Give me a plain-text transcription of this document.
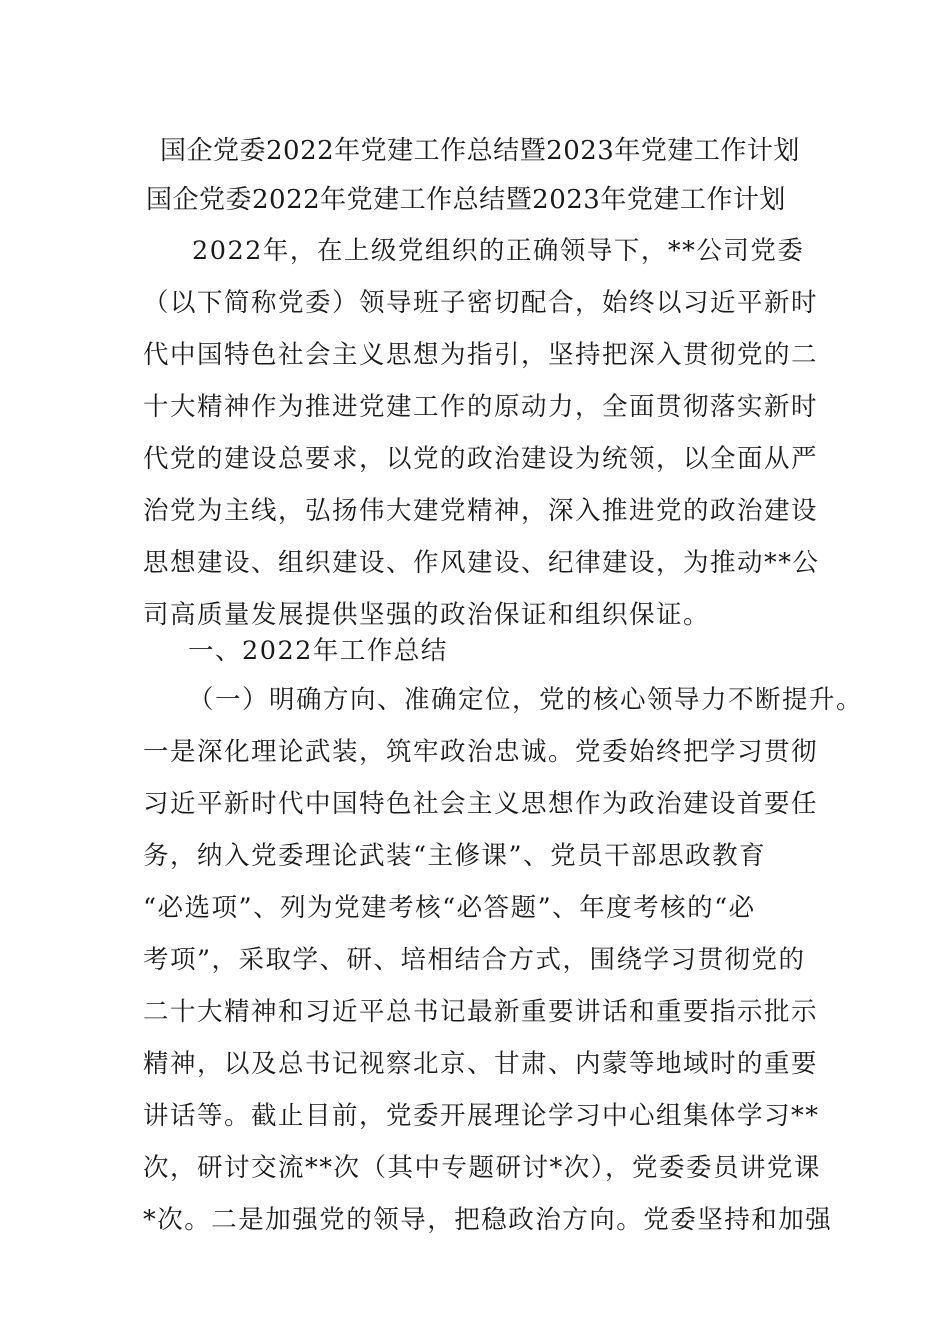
国企党委2022年党建工作总结暨2023年党建工作计划
国企党委2022年党建工作总结暨2023年党建工作计划
2022年，在上级党组织的正确领导下，**公司党委
（以下简称党委）领导班子密切配合，始终以习近平新时
代中国特色社会主义思想为指引，坚持把深入贯彻党的二
十大精神作为推进党建工作的原动力，全面贯彻落实新时
代党的建设总要求，以党的政治建设为统领，以全面从严
治党为主线，弘扬伟大建党精神，深入推进党的政治建设
思想建设、组织建设、作风建设、纪律建设，为推动**公
司高质量发展提供坚强的政治保证和组织保证。
一、2022年工作总结
（一）明确方向、准确定位，党的核心领导力不断提升。
一是深化理论武装，筑牢政治忠诚。党委始终把学习贯彻
习近平新时代中国特色社会主义思想作为政治建设首要任
务，纳入党委理论武装“主修课”、党员干部思政教育
“必选项”、列为党建考核“必答题”、年度考核的“必
考项”，采取学、研、培相结合方式，围绕学习贯彻党的
二十大精神和习近平总书记最新重要讲话和重要指示批示
精神，以及总书记视察北京、甘肃、内蒙等地域时的重要
讲话等。截止目前，党委开展理论学习中心组集体学习**
次，研讨交流**次（其中专题研讨*次），党委委员讲党课
*次。二是加强党的领导，把稳政治方向。党委坚持和加强
